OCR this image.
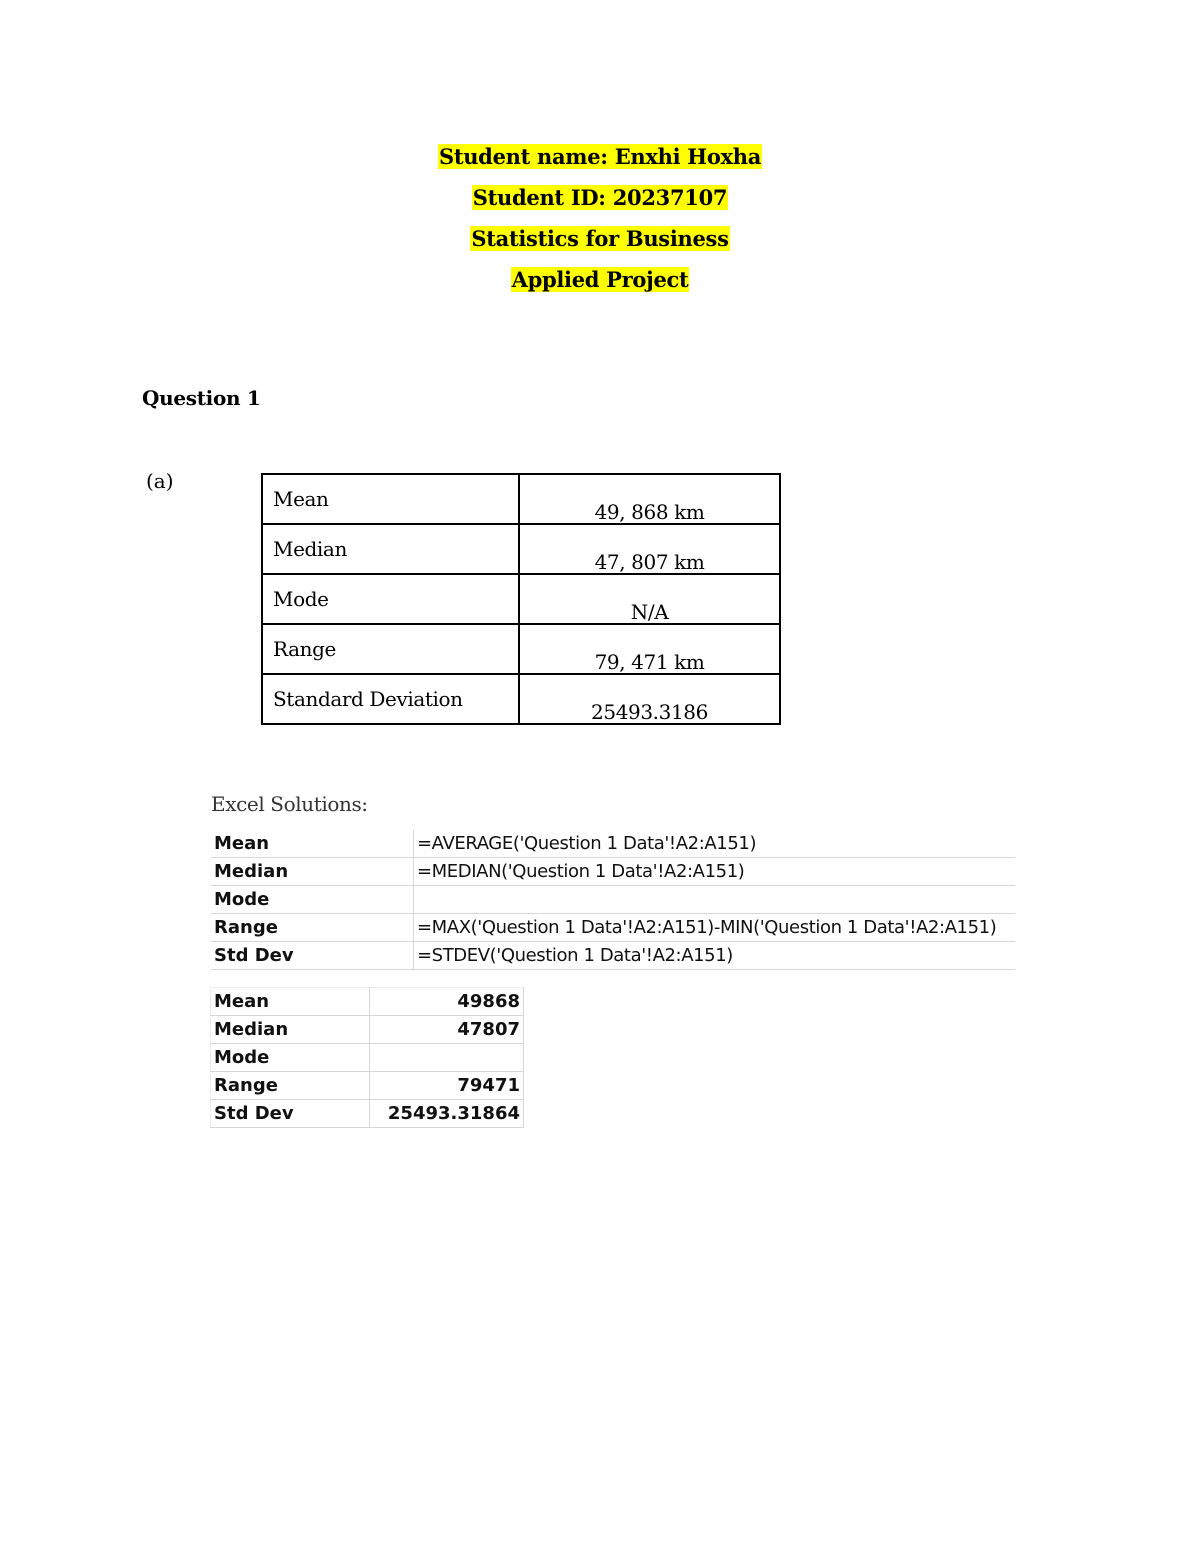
Student name: Enxhi Hoxha
Student ID: 20237107
Statistics for Business
Applied Project
Question 1
(a)
Mean	49, 868 km
Median	47, 807 km
Mode	N/A
Range	79, 471 km
Standard Deviation	25493.3186
Excel Solutions:
Mean	=AVERAGE('Question 1 Data'!A2:A151)
Median	=MEDIAN('Question 1 Data'!A2:A151)
Mode	
Range	=MAX('Question 1 Data'!A2:A151)-MIN('Question 1 Data'!A2:A151)
Std Dev	=STDEV('Question 1 Data'!A2:A151)
Mean	49868
Median	47807
Mode	
Range	79471
Std Dev	25493.31864
